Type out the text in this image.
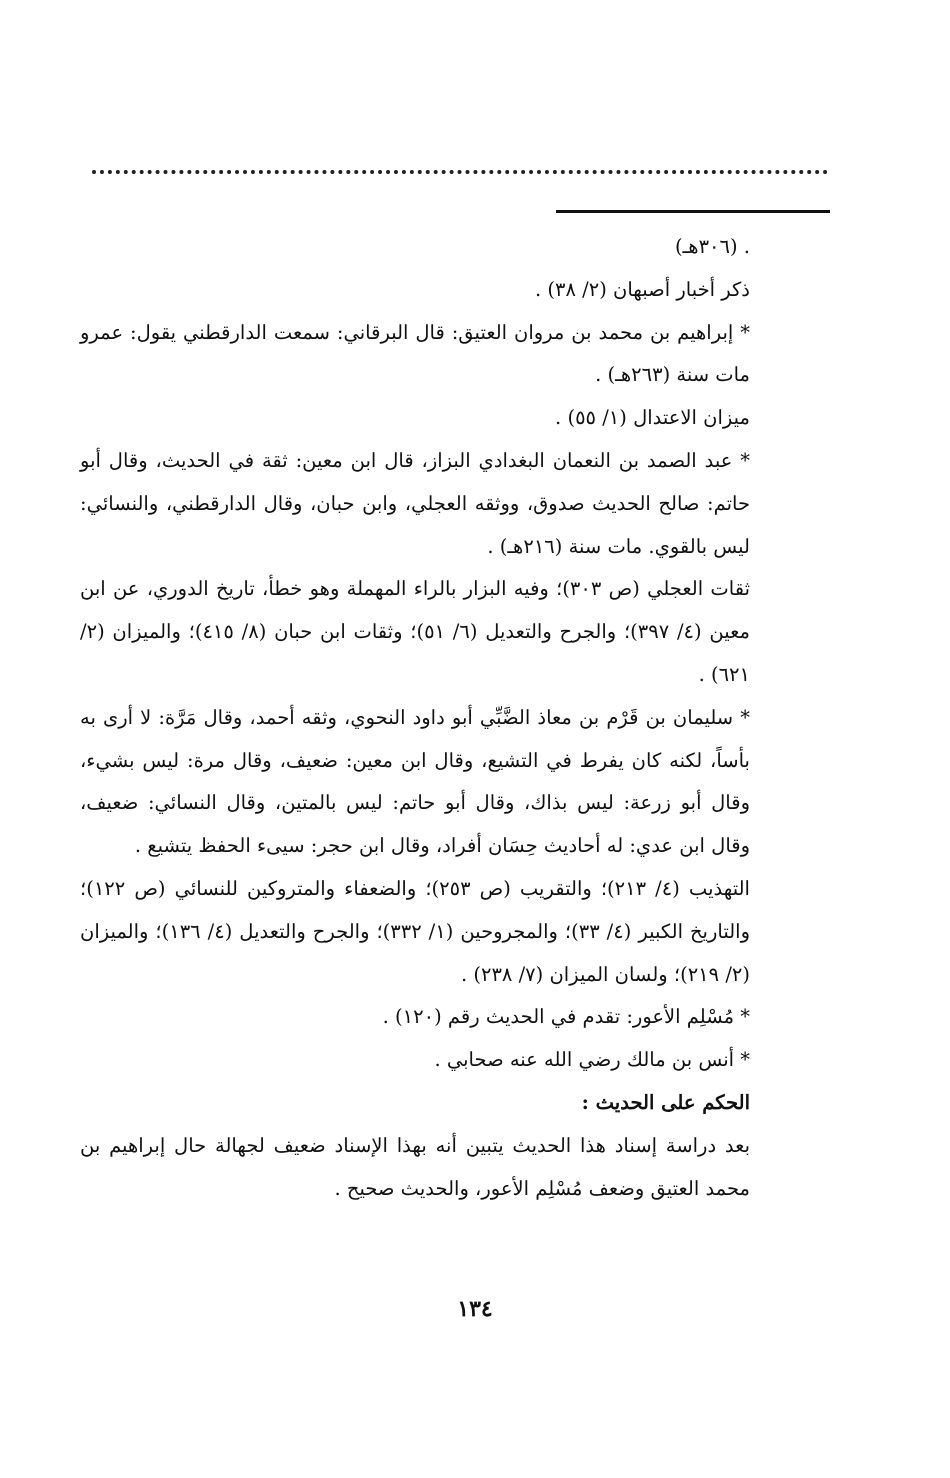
. (٣٠٦هـ)

ذكر أخبار أصبهان (٢/ ٣٨) .

* إبراهيم بن محمد بن مروان العتيق: قال البرقاني: سمعت الدارقطني يقول: عمرو مات سنة (٢٦٣هـ) .

ميزان الاعتدال (١/ ٥٥) .

* عبد الصمد بن النعمان البغدادي البزاز، قال ابن معين: ثقة في الحديث، وقال أبو حاتم: صالح الحديث صدوق، ووثقه العجلي، وابن حبان، وقال الدارقطني، والنسائي: ليس بالقوي. مات سنة (٢١٦هـ) .

ثقات العجلي (ص ٣٠٣)؛ وفيه البزار بالراء المهملة وهو خطأ، تاريخ الدوري، عن ابن معين (٤/ ٣٩٧)؛ والجرح والتعديل (٦/ ٥١)؛ وثقات ابن حبان (٨/ ٤١٥)؛ والميزان (٢/ ٦٢١) .

* سليمان بن قَرْم بن معاذ الضَّبِّي أبو داود النحوي، وثقه أحمد، وقال مَرَّة: لا أرى به بأساً، لكنه كان يفرط في التشيع، وقال ابن معين: ضعيف، وقال مرة: ليس بشيء، وقال أبو زرعة: ليس بذاك، وقال أبو حاتم: ليس بالمتين، وقال النسائي: ضعيف، وقال ابن عدي: له أحاديث حِسَان أفراد، وقال ابن حجر: سيىء الحفظ يتشيع .

التهذيب (٤/ ٢١٣)؛ والتقريب (ص ٢٥٣)؛ والضعفاء والمتروكين للنسائي (ص ١٢٢)؛ والتاريخ الكبير (٤/ ٣٣)؛ والمجروحين (١/ ٣٣٢)؛ والجرح والتعديل (٤/ ١٣٦)؛ والميزان (٢/ ٢١٩)؛ ولسان الميزان (٧/ ٢٣٨) .

* مُسْلِم الأعور: تقدم في الحديث رقم (١٢٠) .

* أنس بن مالك رضي الله عنه صحابي .

الحكم على الحديث :

بعد دراسة إسناد هذا الحديث يتبين أنه بهذا الإسناد ضعيف لجهالة حال إبراهيم بن محمد العتيق وضعف مُسْلِم الأعور، والحديث صحيح .

١٣٤
